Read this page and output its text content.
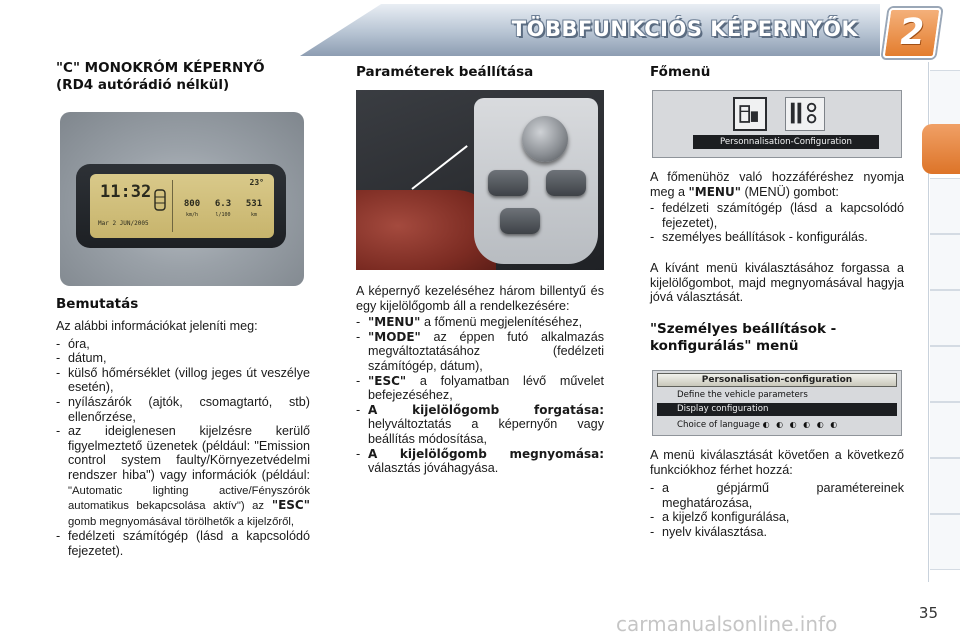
TÖBBFUNKCIÓS KÉPERNYŐK	2
"C" MONOKRÓM KÉPERNYŐ
(RD4 autórádió nélkül)
11:32
Mar 2 JUN/2005
23°
800
km/h
6.3
l/100
531
km
Bemutatás

Az alábbi információkat jeleníti meg:

- óra,
- dátum,
- külső hőmérséklet (villog jeges út veszélye esetén),
- nyílászárók (ajtók, csomagtartó, stb) ellenőrzése,
- az ideiglenesen kijelzésre kerülő figyelmeztető üzenetek (például: "Emission control system faulty/Környezetvédelmi rendszer hiba") vagy információk (például: "Automatic lighting active/Fényszórók automatikus bekapcsolása aktív") az "ESC" gomb megnyomásával törölhetők a kijelzőről,
- fedélzeti számítógép (lásd a kapcsolódó fejezetet).
Paraméterek beállítása

A képernyő kezeléséhez három billentyű és egy kijelölőgomb áll a rendelkezésére:

- "MENU" a főmenü megjelenítéséhez,
- "MODE" az éppen futó alkalmazás megváltoztatásához (fedélzeti számítógép, dátum),
- "ESC" a folyamatban lévő művelet befejezéséhez,
- A kijelölőgomb forgatása: helyváltoztatás a képernyőn vagy beállítás módosítása,
- A kijelölőgomb megnyomása: választás jóváhagyása.
Főmenü
Personnalisation-Configuration

A főmenühöz való hozzáféréshez nyomja meg a "MENU" (MENÜ) gombot:

- fedélzeti számítógép (lásd a kapcsolódó fejezetet),
- személyes beállítások - konfigurálás.

A kívánt menü kiválasztásához forgassa a kijelölőgombot, majd megnyomásával hagyja jóvá választását.

"Személyes beállítások -
konfigurálás" menü
Personalisation-configuration
Define the vehicle parameters
Display configuration
Choice of language ◐ ◐ ◐ ◐ ◐ ◐

A menü kiválasztását követően a következő funkciókhoz férhet hozzá:

- a gépjármű paramétereinek meghatározása,
- a kijelző konfigurálása,
- nyelv kiválasztása.
carmanualsonline.info	35
